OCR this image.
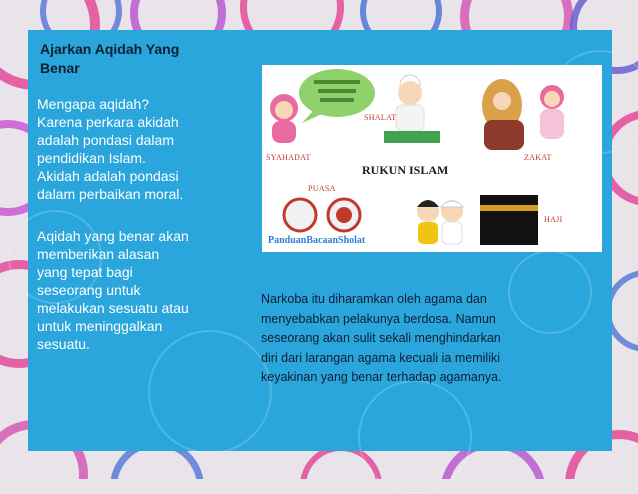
Ajarkan Aqidah Yang Benar

Mengapa aqidah?

Karena perkara akidah

adalah pondasi dalam

pendidikan Islam.

Akidah adalah pondasi

dalam perbaikan moral.

Aqidah yang benar akan

memberikan alasan

yang tepat bagi

seseorang untuk

melakukan sesuatu atau

untuk meninggalkan

sesuatu.

RUKUN ISLAM
SYAHADAT
SHALAT
ZAKAT
PUASA
HAJI
PanduanBacaanSholat

Narkoba itu diharamkan oleh agama dan

menyebabkan pelakunya berdosa. Namun

seseorang akan sulit sekali menghindarkan

diri dari larangan agama kecuali ia memiliki

keyakinan yang benar terhadap agamanya.
